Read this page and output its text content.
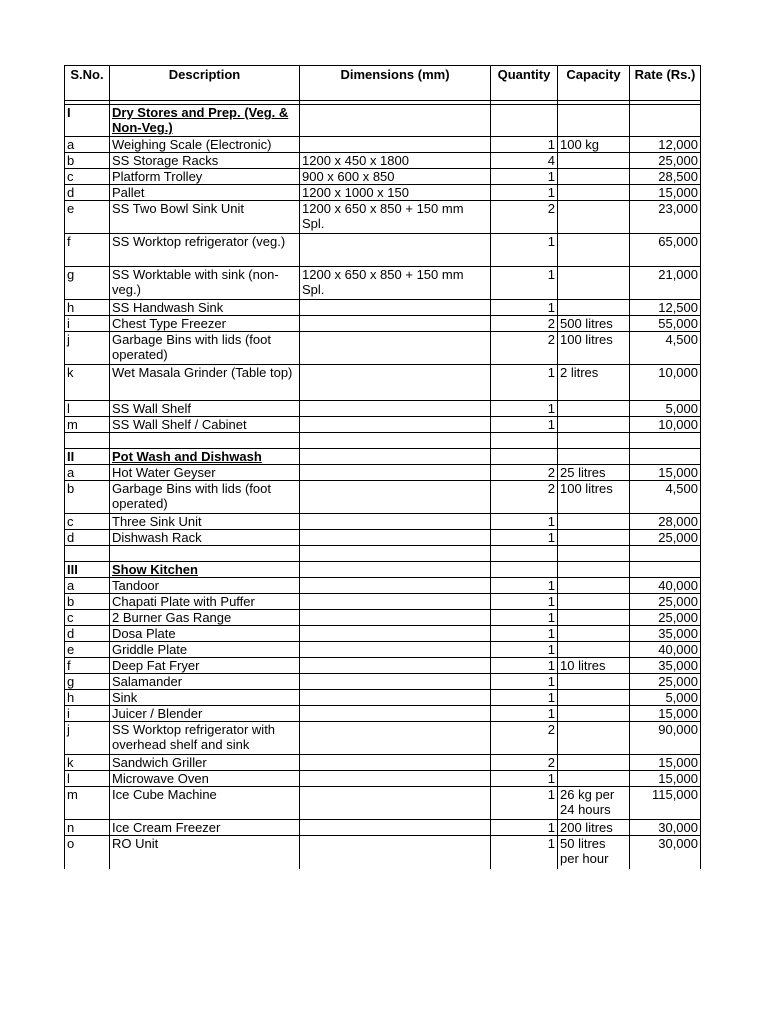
S.No.	Description	Dimensions (mm)	Quantity	Capacity	Rate (Rs.)

I	Dry Stores and Prep. (Veg. & Non-Veg.)				
a	Weighing Scale (Electronic)		1	100 kg	12,000
b	SS Storage Racks	1200 x 450 x 1800	4		25,000
c	Platform Trolley	900 x 600 x 850	1		28,500
d	Pallet	1200 x 1000 x 150	1		15,000
e	SS Two Bowl Sink Unit	1200 x 650 x 850 + 150 mm Spl.	2		23,000
f	SS Worktop refrigerator (veg.)		1		65,000
g	SS Worktable with sink (non-veg.)	1200 x 650 x 850 + 150 mm Spl.	1		21,000
h	SS Handwash Sink		1		12,500
i	Chest Type Freezer		2	500 litres	55,000
j	Garbage Bins with lids (foot operated)		2	100 litres	4,500
k	Wet Masala Grinder (Table top)		1	2 litres	10,000
l	SS Wall Shelf		1		5,000
m	SS Wall Shelf / Cabinet		1		10,000

II	Pot Wash and Dishwash				
a	Hot Water Geyser		2	25 litres	15,000
b	Garbage Bins with lids (foot operated)		2	100 litres	4,500
c	Three Sink Unit		1		28,000
d	Dishwash Rack		1		25,000

III	Show Kitchen				
a	Tandoor		1		40,000
b	Chapati Plate with Puffer		1		25,000
c	2 Burner Gas Range		1		25,000
d	Dosa Plate		1		35,000
e	Griddle Plate		1		40,000
f	Deep Fat Fryer		1	10 litres	35,000
g	Salamander		1		25,000
h	Sink		1		5,000
i	Juicer / Blender		1		15,000
j	SS Worktop refrigerator with overhead shelf and sink		2		90,000
k	Sandwich Griller		2		15,000
l	Microwave Oven		1		15,000
m	Ice Cube Machine		1	26 kg per 24 hours	115,000
n	Ice Cream Freezer		1	200 litres	30,000
o	RO Unit		1	50 litres per hour	30,000
